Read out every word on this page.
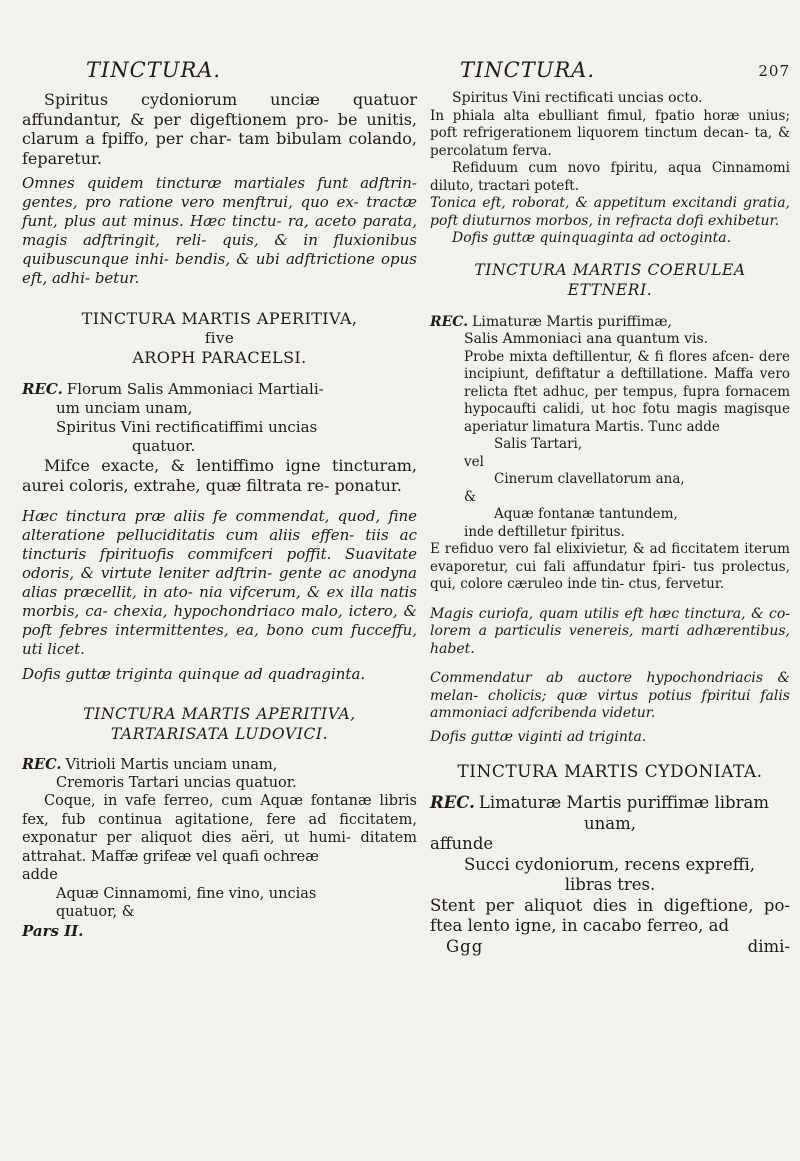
TINCTURA.

Spiritus cydoniorum unciæ quatuor affundantur, & per digeftionem pro- be unitis, clarum a fpiffo, per char- tam bibulam colando, feparetur.

Omnes quidem tincturæ martiales funt adftrin- gentes, pro ratione vero menftrui, quo ex- tractæ funt, plus aut minus. Hæc tinctu- ra, aceto parata, magis adftringit, reli- quis, & in fluxionibus quibuscunque inhi- bendis, & ubi adftrictione opus eft, adhi- betur.

TINCTURA MARTIS APERITIVA,
five
AROPH PARACELSI.
REC. Florum Salis Ammoniaci Martiali-
um unciam unam,
Spiritus Vini rectificatiffimi uncias
quatuor.

Mifce exacte, & lentiffimo igne tincturam, aurei coloris, extrahe, quæ filtrata re- ponatur.

Hæc tinctura præ aliis fe commendat, quod, fine alteratione pelluciditatis cum aliis effen- tiis ac tincturis fpirituofis commifceri poffit. Suavitate odoris, & virtute leniter adftrin- gente ac anodyna alias præcellit, in ato- nia vifcerum, & ex illa natis morbis, ca- chexia, hypochondriaco malo, ictero, & poft febres intermittentes, ea, bono cum fucceffu, uti licet.

Dofis guttæ triginta quinque ad quadraginta.

TINCTURA MARTIS APERITIVA,
TARTARISATA LUDOVICI.
REC. Vitrioli Martis unciam unam,
Cremoris Tartari uncias quatuor.

Coque, in vafe ferreo, cum Aquæ fontanæ libris fex, fub continua agitatione, fere ad ficcitatem, exponatur per aliquot dies aëri, ut humi- ditatem attrahat. Maffæ grifeæ vel quafi ochreæ

adde
Aquæ Cinnamomi, fine vino, uncias
quatuor, &
Pars II.
TINCTURA.	207

Spiritus Vini rectificati uncias octo.

In phiala alta ebulliant fimul, fpatio horæ unius; poft refrigerationem liquorem tinctum decan- ta, & percolatum ferva.

Refiduum cum novo fpiritu, aqua Cinnamomi diluto, tractari poteft.

Tonica eft, roborat, & appetitum excitandi gratia, poft diuturnos morbos, in refracta dofi exhibetur.

Dofis guttæ quinquaginta ad octoginta.

TINCTURA MARTIS COERULEA
ETTNERI.
REC. Limaturæ Martis puriffimæ,
Salis Ammoniaci ana quantum vis.

Probe mixta deftillentur, & fi flores afcen- dere incipiunt, defiftatur a deftillatione. Maffa vero relicta ftet adhuc, per tempus, fupra fornacem hypocaufti calidi, ut hoc fotu magis magisque aperiatur limatura Martis. Tunc adde

Salis Tartari,
vel
Cinerum clavellatorum ana,
&
Aquæ fontanæ tantundem,
inde deftilletur fpiritus.

E refiduo vero fal elixivietur, & ad ficcitatem iterum evaporetur, cui fali affundatur fpiri- tus prolectus, qui, colore cæruleo inde tin- ctus, fervetur.

Magis curiofa, quam utilis eft hæc tinctura, & co- lorem a particulis venereis, marti adhærentibus, habet.

Commendatur ab auctore hypochondriacis & melan- cholicis; quæ virtus potius fpiritui falis ammoniaci adfcribenda videtur.

Dofis guttæ viginti ad triginta.

TINCTURA MARTIS CYDONIATA.
REC. Limaturæ Martis puriffimæ libram
unam,
affunde
Succi cydoniorum, recens expreffi,
libras tres.

Stent per aliquot dies in digeftione, po- ftea lento igne, in cacabo ferreo, ad

Ggg	dimi-
